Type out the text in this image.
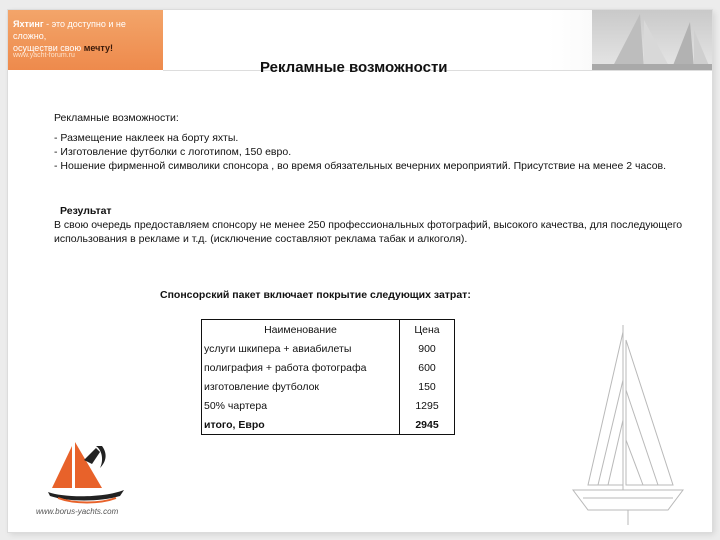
Яхтинг - это доступно и не сложно,
осуществи свою мечту!
www.yacht-forum.ru
Рекламные возможности
Рекламные возможности:
- Размещение наклеек на борту яхты.
- Изготовление футболки с логотипом, 150 евро.
- Ношение фирменной символики спонсора , во время обязательных вечерних мероприятий. Присутствие на менее 2 часов.
Результат
В свою очередь предоставляем спонсору не менее 250 профессиональных фотографий, высокого качества, для последующего использования в рекламе и т.д. (исключение составляют реклама табак и алкоголя).
Спонсорский пакет включает покрытие следующих затрат:
Наименование	Цена
услуги шкипера + авиабилеты	900
полиграфия + работа фотографа	600
изготовление футболок	150
50% чартера	1295
итого, Евро	2945
www.borus-yachts.com
